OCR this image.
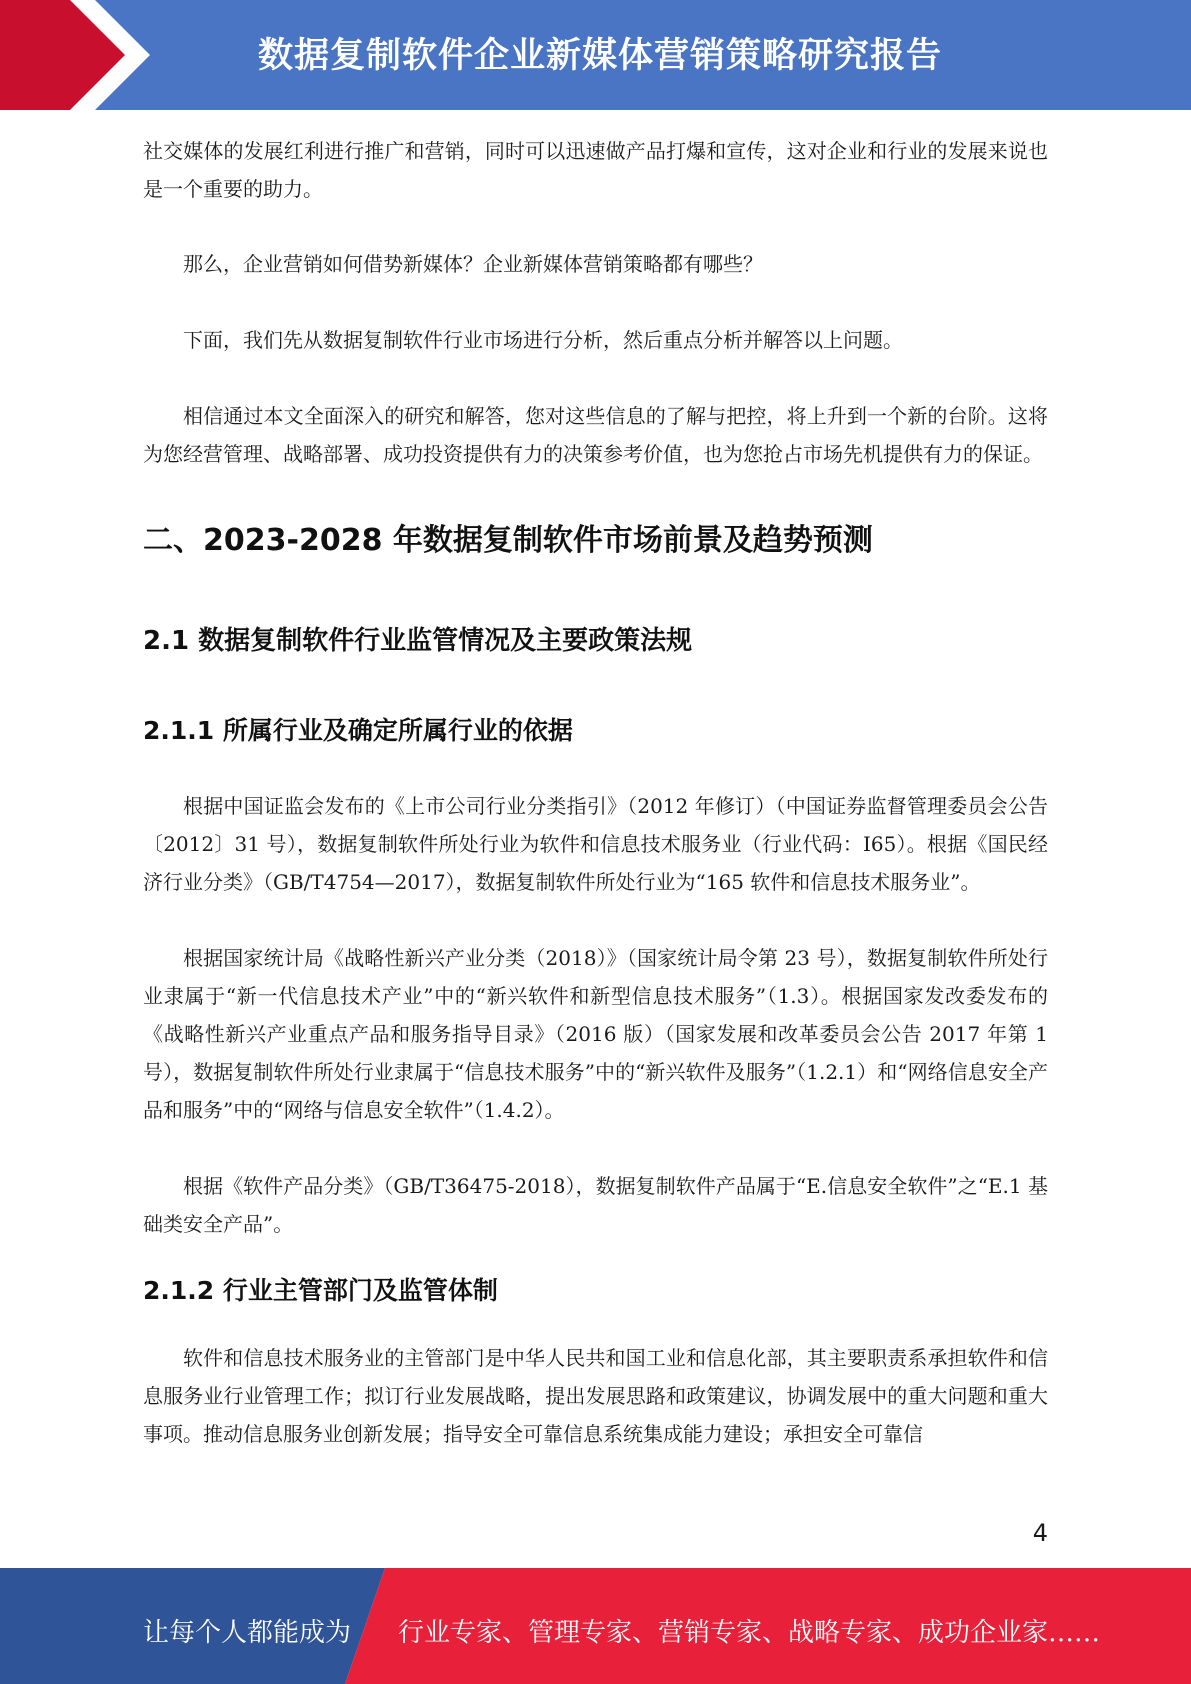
数据复制软件企业新媒体营销策略研究报告

社交媒体的发展红利进行推广和营销，同时可以迅速做产品打爆和宣传，这对企业和行业的发展来说也是一个重要的助力。

那么，企业营销如何借势新媒体？企业新媒体营销策略都有哪些？

下面，我们先从数据复制软件行业市场进行分析，然后重点分析并解答以上问题。

相信通过本文全面深入的研究和解答，您对这些信息的了解与把控，将上升到一个新的台阶。这将为您经营管理、战略部署、成功投资提供有力的决策参考价值，也为您抢占市场先机提供有力的保证。

二、2023-2028 年数据复制软件市场前景及趋势预测
2.1 数据复制软件行业监管情况及主要政策法规
2.1.1 所属行业及确定所属行业的依据

根据中国证监会发布的《上市公司行业分类指引》（2012 年修订）（中国证券监督管理委员会公告〔2012〕31 号），数据复制软件所处行业为软件和信息技术服务业（行业代码：I65）。根据《国民经济行业分类》（GB/T4754—2017），数据复制软件所处行业为“165 软件和信息技术服务业”。

根据国家统计局《战略性新兴产业分类（2018）》（国家统计局令第 23 号），数据复制软件所处行业隶属于“新一代信息技术产业”中的“新兴软件和新型信息技术服务”（1.3）。根据国家发改委发布的《战略性新兴产业重点产品和服务指导目录》（2016 版）（国家发展和改革委员会公告 2017 年第 1 号），数据复制软件所处行业隶属于“信息技术服务”中的“新兴软件及服务”（1.2.1）和“网络信息安全产品和服务”中的“网络与信息安全软件”（1.4.2）。

根据《软件产品分类》（GB/T36475-2018），数据复制软件产品属于“E.信息安全软件”之“E.1 基础类安全产品”。

2.1.2 行业主管部门及监管体制

软件和信息技术服务业的主管部门是中华人民共和国工业和信息化部，其主要职责系承担软件和信息服务业行业管理工作；拟订行业发展战略，提出发展思路和政策建议，协调发展中的重大问题和重大事项。推动信息服务业创新发展；指导安全可靠信息系统集成能力建设；承担安全可靠信

4
让每个人都能成为 行业专家、管理专家、营销专家、战略专家、成功企业家……
